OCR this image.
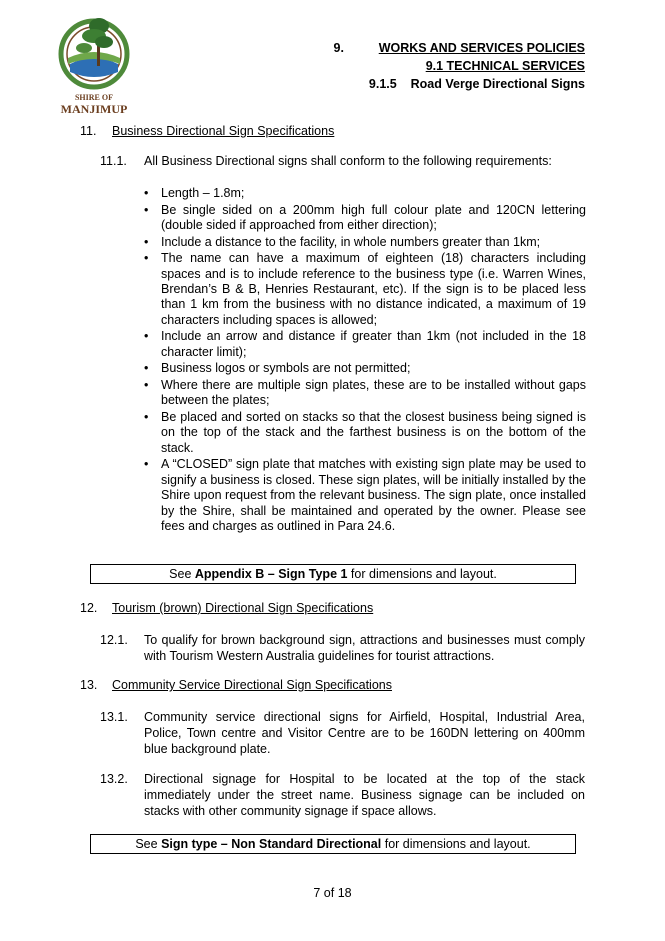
SHIRE OF
MANJIMUP
9.	WORKS AND SERVICES POLICIES
9.1 TECHNICAL SERVICES
9.1.5 Road Verge Directional Signs
11. Business Directional Sign Specifications
11.1. All Business Directional signs shall conform to the following requirements:
• Length – 1.8m;
• Be single sided on a 200mm high full colour plate and 120CN lettering (double sided if approached from either direction);
• Include a distance to the facility, in whole numbers greater than 1km;
• The name can have a maximum of eighteen (18) characters including spaces and is to include reference to the business type (i.e. Warren Wines, Brendan’s B & B, Henries Restaurant, etc). If the sign is to be placed less than 1 km from the business with no distance indicated, a maximum of 19 characters including spaces is allowed;
• Include an arrow and distance if greater than 1km (not included in the 18 character limit);
• Business logos or symbols are not permitted;
• Where there are multiple sign plates, these are to be installed without gaps between the plates;
• Be placed and sorted on stacks so that the closest business being signed is on the top of the stack and the farthest business is on the bottom of the stack.
• A “CLOSED” sign plate that matches with existing sign plate may be used to signify a business is closed. These sign plates, will be initially installed by the Shire upon request from the relevant business. The sign plate, once installed by the Shire, shall be maintained and operated by the owner. Please see fees and charges as outlined in Para 24.6.
See Appendix B – Sign Type 1 for dimensions and layout.
12. Tourism (brown) Directional Sign Specifications
12.1. To qualify for brown background sign, attractions and businesses must comply with Tourism Western Australia guidelines for tourist attractions.
13. Community Service Directional Sign Specifications
13.1. Community service directional signs for Airfield, Hospital, Industrial Area, Police, Town centre and Visitor Centre are to be 160DN lettering on 400mm blue background plate.
13.2. Directional signage for Hospital to be located at the top of the stack immediately under the street name. Business signage can be included on stacks with other community signage if space allows.
See Sign type – Non Standard Directional for dimensions and layout.
7 of 18
